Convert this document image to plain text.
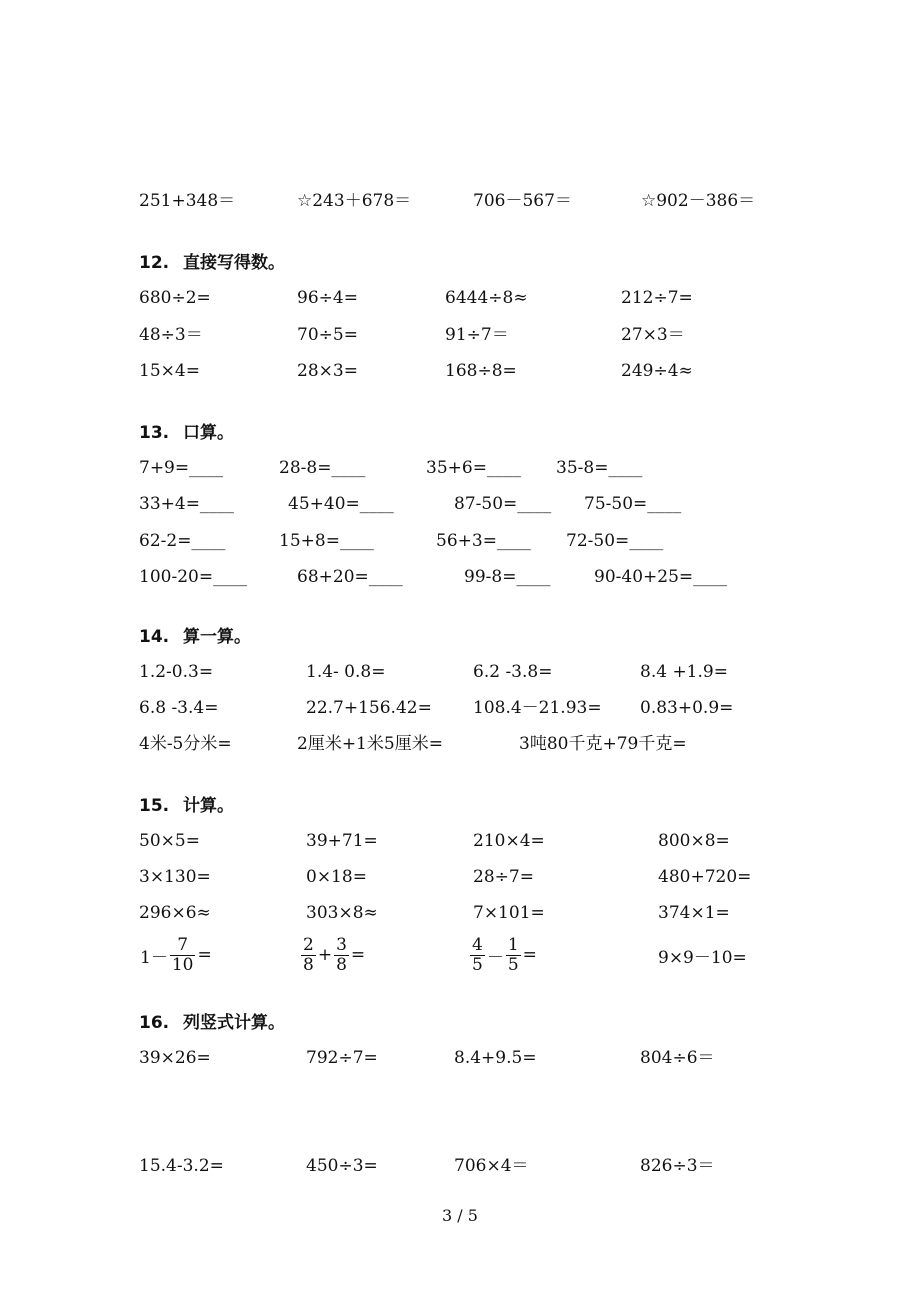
251+348＝	☆243＋678＝	706－567＝	☆902－386＝
12. 直接写得数。
680÷2=	96÷4=	6444÷8≈	212÷7=
48÷3＝	70÷5=	91÷7＝	27×3＝
15×4=	28×3=	168÷8=	249÷4≈
13. 口算。
7+9=____	28-8=____	35+6=____ 35-8=____
33+4=____	45+40=____	87-50=____ 75-50=____
62-2=____	15+8=____	56+3=____ 72-50=____
100-20=____	68+20=____	99-8=____	90-40+25=____
14. 算一算。
1.2-0.3=	1.4- 0.8=	6.2 -3.8=	8.4 +1.9=
6.8 -3.4=	22.7+156.42= 108.4－21.93= 0.83+0.9=
4米-5分米=	2厘米+1米5厘米=	3吨80千克+79千克=
15. 计算。
50×5=	39+71=	210×4=	800×8=
3×130=	0×18=	28÷7=	480+720=
296×6≈	303×8≈	7×101=	374×1=
$1- \frac{7}{10}$ =	$\frac{2}{8} + \frac{3}{8}$ =	$\frac{4}{5} - \frac{1}{5}$ =	9×9－10=
16. 列竖式计算。
39×26=	792÷7=	8.4+9.5=	804÷6＝
15.4-3.2=	450÷3=	706×4＝	826÷3＝
3 / 5
